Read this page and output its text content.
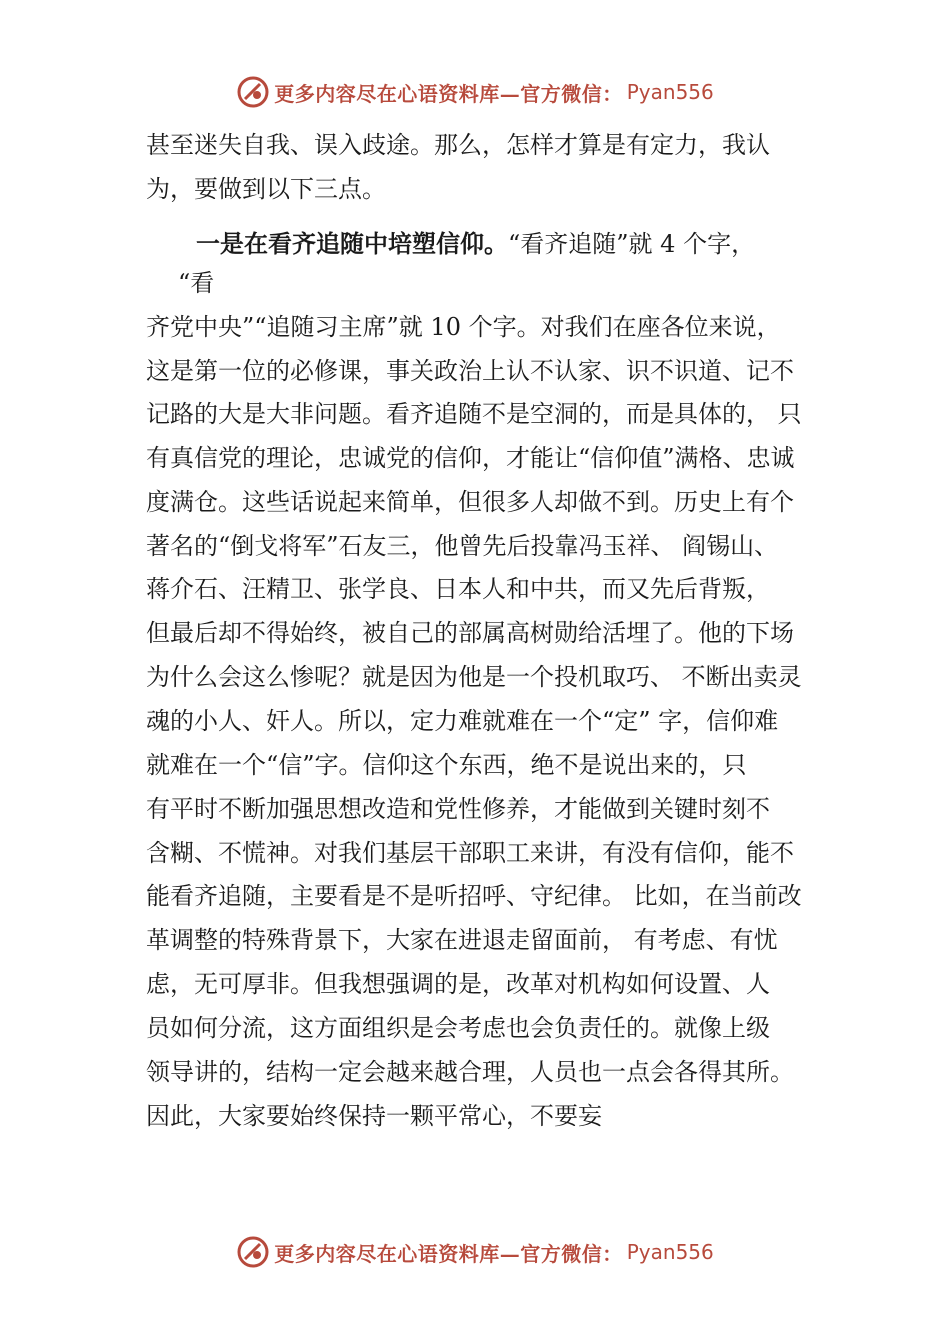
更多内容尽在心语资料库—官方微信： Pyan556

甚至迷失自我、误入歧途。那么，怎样才算是有定力，我认

为，要做到以下三点。

一是在看齐追随中培塑信仰。“看齐追随”就 4 个字，

“看

齐党中央”“追随习主席”就 10 个字。对我们在座各位来说，

这是第一位的必修课，事关政治上认不认家、识不识道、记不

记路的大是大非问题。看齐追随不是空洞的，而是具体的， 只

有真信党的理论，忠诚党的信仰，才能让“信仰值”满格、忠诚

度满仓。这些话说起来简单，但很多人却做不到。历史上有个

著名的“倒戈将军”石友三，他曾先后投靠冯玉祥、 阎锡山、

蒋介石、汪精卫、张学良、日本人和中共，而又先后背叛，

但最后却不得始终，被自己的部属高树勋给活埋了。他的下场

为什么会这么惨呢？就是因为他是一个投机取巧、 不断出卖灵

魂的小人、奸人。所以，定力难就难在一个“定” 字，信仰难

就难在一个“信”字。信仰这个东西，绝不是说出来的，只

有平时不断加强思想改造和党性修养，才能做到关键时刻不

含糊、不慌神。对我们基层干部职工来讲，有没有信仰，能不

能看齐追随，主要看是不是听招呼、守纪律。 比如，在当前改

革调整的特殊背景下，大家在进退走留面前， 有考虑、有忧

虑，无可厚非。但我想强调的是，改革对机构如何设置、人

员如何分流，这方面组织是会考虑也会负责任的。就像上级

领导讲的，结构一定会越来越合理，人员也一点会各得其所。

因此，大家要始终保持一颗平常心，不要妄

更多内容尽在心语资料库—官方微信： Pyan556
